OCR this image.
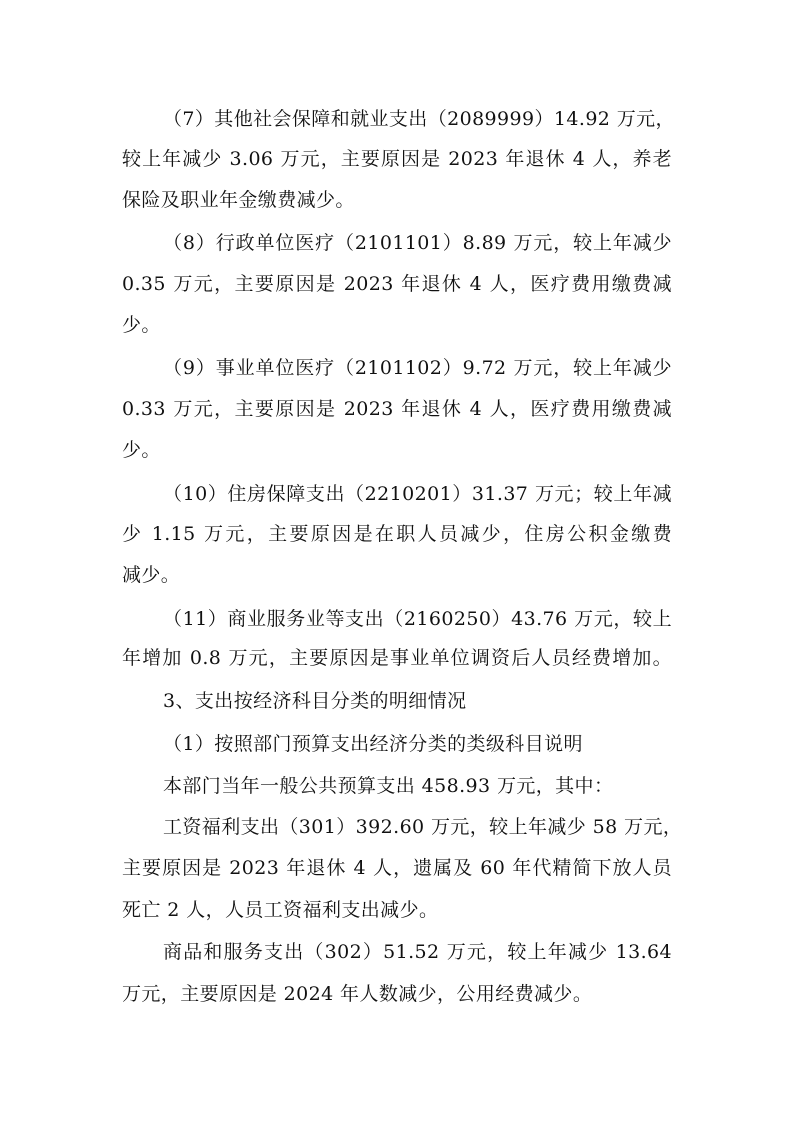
（7）其他社会保障和就业支出（2089999）14.92 万元，
较上年减少 3.06 万元，主要原因是 2023 年退休 4 人，养老
保险及职业年金缴费减少。
（8）行政单位医疗（2101101）8.89 万元，较上年减少
0.35 万元，主要原因是 2023 年退休 4 人，医疗费用缴费减
少。
（9）事业单位医疗（2101102）9.72 万元，较上年减少
0.33 万元，主要原因是 2023 年退休 4 人，医疗费用缴费减
少。
（10）住房保障支出（2210201）31.37 万元；较上年减
少 1.15 万元，主要原因是在职人员减少，住房公积金缴费
减少。
（11）商业服务业等支出（2160250）43.76 万元，较上
年增加 0.8 万元，主要原因是事业单位调资后人员经费增加。
3、支出按经济科目分类的明细情况
（1）按照部门预算支出经济分类的类级科目说明
本部门当年一般公共预算支出 458.93 万元，其中：
工资福利支出（301）392.60 万元，较上年减少 58 万元，
主要原因是 2023 年退休 4 人，遗属及 60 年代精简下放人员
死亡 2 人，人员工资福利支出减少。
商品和服务支出（302）51.52 万元，较上年减少 13.64
万元，主要原因是 2024 年人数减少，公用经费减少。
